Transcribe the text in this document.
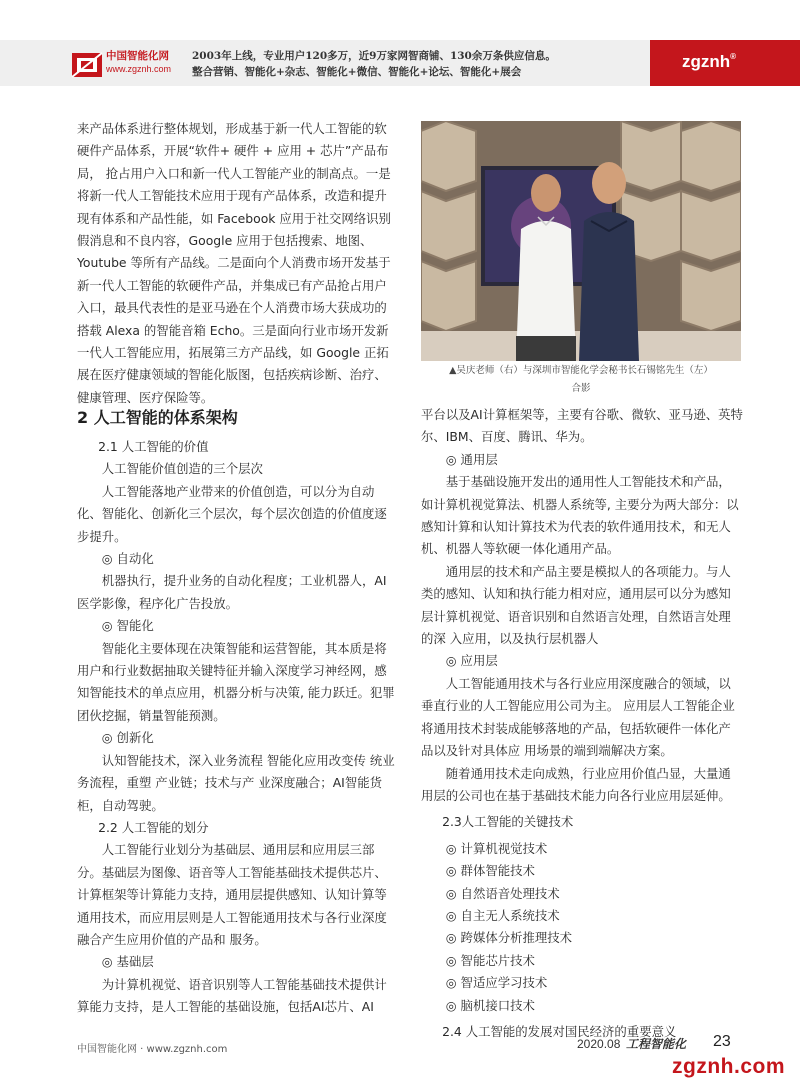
中国智能化网
www.zgznh.com
2003年上线，专业用户120多万，近9万家网智商铺、130余万条供应信息。
整合营销、智能化+杂志、智能化+微信、智能化+论坛、智能化+展会
zgznh®

来产品体系进行整体规划，形成基于新一代人工智能的软硬件产品体系，开展“软件+ 硬件 + 应用 + 芯片”产品布局， 抢占用户入口和新一代人工智能产业的制高点。一是将新一代人工智能技术应用于现有产品体系，改造和提升现有体系和产品性能，如 Facebook 应用于社交网络识别假消息和不良内容，Google 应用于包括搜索、地图、Youtube 等所有产品线。二是面向个人消费市场开发基于新一代人工智能的软硬件产品，并集成已有产品抢占用户入口，最具代表性的是亚马逊在个人消费市场大获成功的搭载 Alexa 的智能音箱 Echo。三是面向行业市场开发新一代人工智能应用，拓展第三方产品线，如 Google 正拓展在医疗健康领域的智能化版图，包括疾病诊断、治疗、健康管理、医疗保险等。

2 人工智能的体系架构

2.1 人工智能的价值

人工智能价值创造的三个层次

人工智能落地产业带来的价值创造，可以分为自动化、智能化、创新化三个层次，每个层次创造的价值度逐步提升。

◎ 自动化

机器执行，提升业务的自动化程度；工业机器人，AI医学影像，程序化广告投放。

◎ 智能化

智能化主要体现在决策智能和运营智能，其本质是将用户和行业数据抽取关键特征并输入深度学习神经网，感知智能技术的单点应用，机器分析与决策, 能力跃迁。犯罪团伙挖掘，销量智能预测。

◎ 创新化

认知智能技术，深入业务流程 智能化应用改变传 统业务流程，重塑 产业链；技术与产 业深度融合；AI智能货柜，自动驾驶。

2.2 人工智能的划分

人工智能行业划分为基础层、通用层和应用层三部分。基础层为图像、语音等人工智能基础技术提供芯片、计算框架等计算能力支持，通用层提供感知、认知计算等通用技术，而应用层则是人工智能通用技术与各行业深度融合产生应用价值的产品和 服务。

◎ 基础层

为计算机视觉、语音识别等人工智能基础技术提供计算能力支持，是人工智能的基础设施，包括AI芯片、AI

▲吴庆老师（右）与深圳市智能化学会秘书长石锡铭先生（左）
合影

平台以及AI计算框架等，主要有谷歌、微软、亚马逊、英特尔、IBM、百度、腾讯、华为。

◎ 通用层

基于基础设施开发出的通用性人工智能技术和产品，如计算机视觉算法、机器人系统等, 主要分为两大部分：以感知计算和认知计算技术为代表的软件通用技术，和无人机、机器人等软硬一体化通用产品。

通用层的技术和产品主要是模拟人的各项能力。与人类的感知、认知和执行能力相对应，通用层可以分为感知层计算机视觉、语音识别和自然语言处理，自然语言处理的深 入应用，以及执行层机器人

◎ 应用层

人工智能通用技术与各行业应用深度融合的领域，以垂直行业的人工智能应用公司为主。 应用层人工智能企业将通用技术封装成能够落地的产品，包括软硬件一体化产品以及针对具体应 用场景的端到端解决方案。

随着通用技术走向成熟，行业应用价值凸显，大量通用层的公司也在基于基础技术能力向各行业应用层延伸。

2.3人工智能的关键技术

◎ 计算机视觉技术

◎ 群体智能技术

◎ 自然语音处理技术

◎ 自主无人系统技术

◎ 跨媒体分析推理技术

◎ 智能芯片技术

◎ 智适应学习技术

◎ 脑机接口技术

2.4 人工智能的发展对国民经济的重要意义

中国智能化网 · www.zgznh.com	2020.08 工程智能化 23
zgznh.com
